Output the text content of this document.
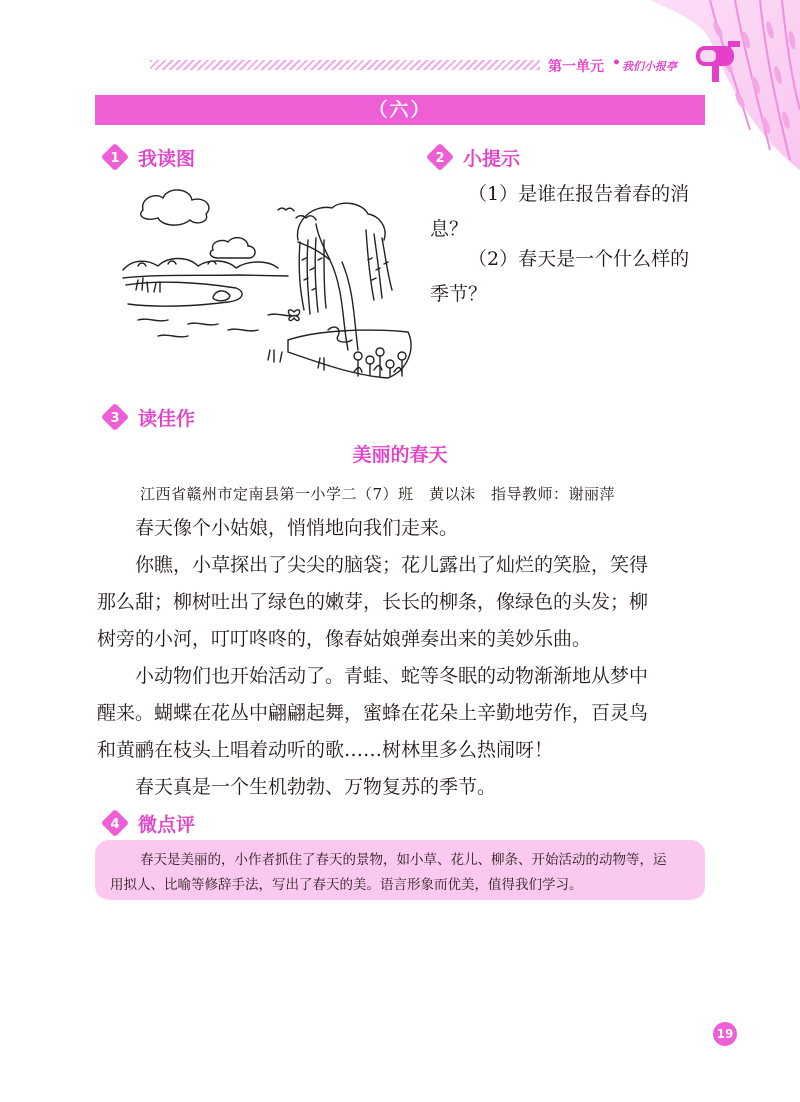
第一单元 • 我们小报亭
（六）
1 我读图	2 小提示
（1）是谁在报告着春的消
息？
（2）春天是一个什么样的
季节？
3 读佳作
美丽的春天
江西省赣州市定南县第一小学二（7）班　黄以沫　指导教师：谢丽萍
春天像个小姑娘，悄悄地向我们走来。
你瞧，小草探出了尖尖的脑袋；花儿露出了灿烂的笑脸，笑得
那么甜；柳树吐出了绿色的嫩芽，长长的柳条，像绿色的头发；柳
树旁的小河，叮叮咚咚的，像春姑娘弹奏出来的美妙乐曲。
小动物们也开始活动了。青蛙、蛇等冬眠的动物渐渐地从梦中
醒来。蝴蝶在花丛中翩翩起舞，蜜蜂在花朵上辛勤地劳作，百灵鸟
和黄鹂在枝头上唱着动听的歌……树林里多么热闹呀！
春天真是一个生机勃勃、万物复苏的季节。
4 微点评
春天是美丽的，小作者抓住了春天的景物，如小草、花儿、柳条、开始活动的动物等，运
用拟人、比喻等修辞手法，写出了春天的美。语言形象而优美，值得我们学习。
19
